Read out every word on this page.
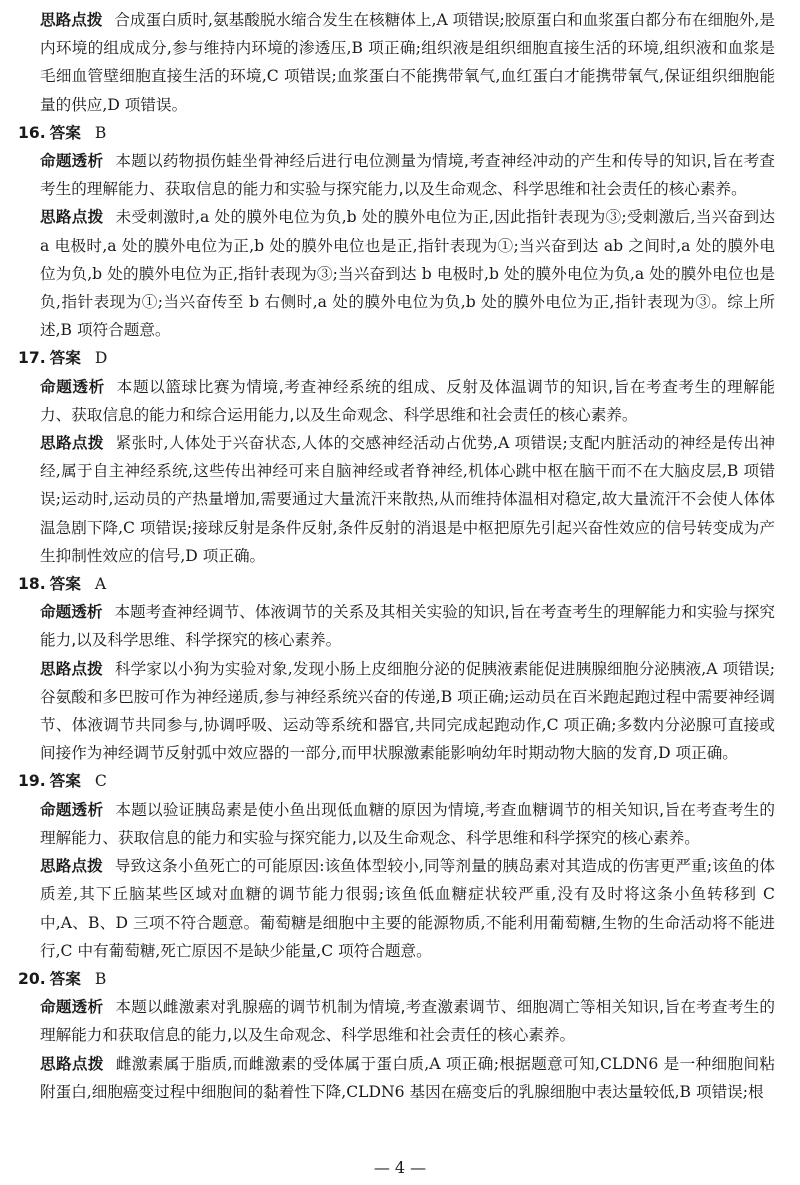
思路点拨 合成蛋白质时,氨基酸脱水缩合发生在核糖体上,A 项错误;胶原蛋白和血浆蛋白都分布在细胞外,是内环境的组成成分,参与维持内环境的渗透压,B 项正确;组织液是组织细胞直接生活的环境,组织液和血浆是毛细血管壁细胞直接生活的环境,C 项错误;血浆蛋白不能携带氧气,血红蛋白才能携带氧气,保证组织细胞能量的供应,D 项错误。
16. 答案 B
命题透析 本题以药物损伤蛙坐骨神经后进行电位测量为情境,考查神经冲动的产生和传导的知识,旨在考查考生的理解能力、获取信息的能力和实验与探究能力,以及生命观念、科学思维和社会责任的核心素养。
思路点拨 未受刺激时,a 处的膜外电位为负,b 处的膜外电位为正,因此指针表现为③;受刺激后,当兴奋到达 a 电极时,a 处的膜外电位为正,b 处的膜外电位也是正,指针表现为①;当兴奋到达 ab 之间时,a 处的膜外电位为负,b 处的膜外电位为正,指针表现为③;当兴奋到达 b 电极时,b 处的膜外电位为负,a 处的膜外电位也是负,指针表现为①;当兴奋传至 b 右侧时,a 处的膜外电位为负,b 处的膜外电位为正,指针表现为③。综上所述,B 项符合题意。
17. 答案 D
命题透析 本题以篮球比赛为情境,考查神经系统的组成、反射及体温调节的知识,旨在考查考生的理解能力、获取信息的能力和综合运用能力,以及生命观念、科学思维和社会责任的核心素养。
思路点拨 紧张时,人体处于兴奋状态,人体的交感神经活动占优势,A 项错误;支配内脏活动的神经是传出神经,属于自主神经系统,这些传出神经可来自脑神经或者脊神经,机体心跳中枢在脑干而不在大脑皮层,B 项错误;运动时,运动员的产热量增加,需要通过大量流汗来散热,从而维持体温相对稳定,故大量流汗不会使人体体温急剧下降,C 项错误;接球反射是条件反射,条件反射的消退是中枢把原先引起兴奋性效应的信号转变成为产生抑制性效应的信号,D 项正确。
18. 答案 A
命题透析 本题考查神经调节、体液调节的关系及其相关实验的知识,旨在考查考生的理解能力和实验与探究能力,以及科学思维、科学探究的核心素养。
思路点拨 科学家以小狗为实验对象,发现小肠上皮细胞分泌的促胰液素能促进胰腺细胞分泌胰液,A 项错误;谷氨酸和多巴胺可作为神经递质,参与神经系统兴奋的传递,B 项正确;运动员在百米跑起跑过程中需要神经调节、体液调节共同参与,协调呼吸、运动等系统和器官,共同完成起跑动作,C 项正确;多数内分泌腺可直接或间接作为神经调节反射弧中效应器的一部分,而甲状腺激素能影响幼年时期动物大脑的发育,D 项正确。
19. 答案 C
命题透析 本题以验证胰岛素是使小鱼出现低血糖的原因为情境,考查血糖调节的相关知识,旨在考查考生的理解能力、获取信息的能力和实验与探究能力,以及生命观念、科学思维和科学探究的核心素养。
思路点拨 导致这条小鱼死亡的可能原因:该鱼体型较小,同等剂量的胰岛素对其造成的伤害更严重;该鱼的体质差,其下丘脑某些区域对血糖的调节能力很弱;该鱼低血糖症状较严重,没有及时将这条小鱼转移到 C 中,A、B、D 三项不符合题意。葡萄糖是细胞中主要的能源物质,不能利用葡萄糖,生物的生命活动将不能进行,C 中有葡萄糖,死亡原因不是缺少能量,C 项符合题意。
20. 答案 B
命题透析 本题以雌激素对乳腺癌的调节机制为情境,考查激素调节、细胞凋亡等相关知识,旨在考查考生的理解能力和获取信息的能力,以及生命观念、科学思维和社会责任的核心素养。
思路点拨 雌激素属于脂质,而雌激素的受体属于蛋白质,A 项正确;根据题意可知,CLDN6 是一种细胞间粘附蛋白,细胞癌变过程中细胞间的黏着性下降,CLDN6 基因在癌变后的乳腺细胞中表达量较低,B 项错误;根
— 4 —
